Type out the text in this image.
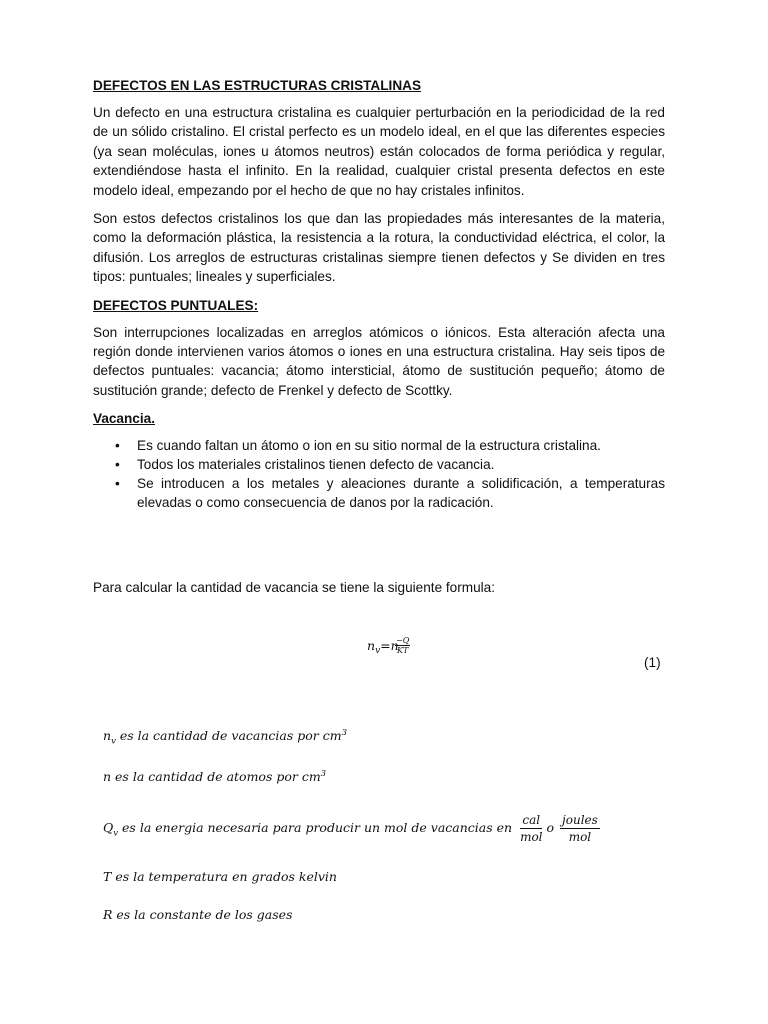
DEFECTOS EN LAS ESTRUCTURAS CRISTALINAS

Un defecto en una estructura cristalina es cualquier perturbación en la periodicidad de la red de un sólido cristalino. El cristal perfecto es un modelo ideal, en el que las diferentes especies (ya sean moléculas, iones u átomos neutros) están colocados de forma periódica y regular, extendiéndose hasta el infinito. En la realidad, cualquier cristal presenta defectos en este modelo ideal, empezando por el hecho de que no hay cristales infinitos.

Son estos defectos cristalinos los que dan las propiedades más interesantes de la materia, como la deformación plástica, la resistencia a la rotura, la conductividad eléctrica, el color, la difusión. Los arreglos de estructuras cristalinas siempre tienen defectos y Se dividen en tres tipos: puntuales; lineales y superficiales.

DEFECTOS PUNTUALES:

Son interrupciones localizadas en arreglos atómicos o iónicos. Esta alteración afecta una región donde intervienen varios átomos o iones en una estructura cristalina. Hay seis tipos de defectos puntuales: vacancia; átomo intersticial, átomo de sustitución pequeño; átomo de sustitución grande; defecto de Frenkel y defecto de Scottky.

Vacancia.
• Es cuando faltan un átomo o ion en su sitio normal de la estructura cristalina.
• Todos los materiales cristalinos tienen defecto de vacancia.
• Se introducen a los metales y aleaciones durante a solidificación, a temperaturas elevadas o como consecuencia de danos por la radicación.
Para calcular la cantidad de vacancia se tiene la siguiente formula:
$n_v=n$
$\frac{-Q}{KT}$
(1)
$n_v$ es la cantidad de vacancias por $cm^3$
n es la cantidad de atomos por $cm^3$
$Q_v$ es la energia necesaria para producir un mol de vacancias en $\frac{\text{cal}}{\text{mol}}$ o $\frac{\text{joules}}{\text{mol}}$
T es la temperatura en grados kelvin
R es la constante de los gases
